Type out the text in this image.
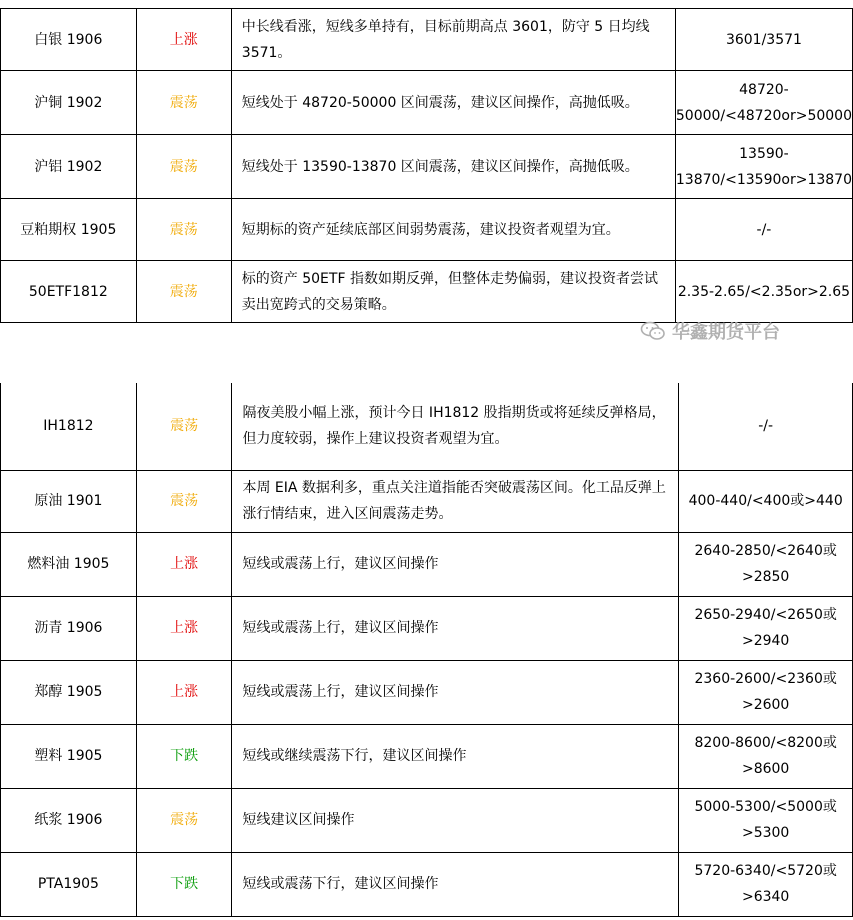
白银 1906	上涨	中长线看涨，短线多单持有，目标前期高点 3601，防守 5 日均线 3571。	3601/3571
沪铜 1902	震荡	短线处于 48720-50000 区间震荡，建议区间操作，高抛低吸。	48720-50000/<48720or>50000
沪铝 1902	震荡	短线处于 13590-13870 区间震荡，建议区间操作，高抛低吸。	13590-13870/<13590or>13870
豆粕期权 1905	震荡	短期标的资产延续底部区间弱势震荡，建议投资者观望为宜。	-/-
50ETF1812	震荡	标的资产 50ETF 指数如期反弹，但整体走势偏弱，建议投资者尝试卖出宽跨式的交易策略。	2.35-2.65/<2.35or>2.65
华鑫期货平台
IH1812	震荡	隔夜美股小幅上涨，预计今日 IH1812 股指期货或将延续反弹格局，但力度较弱，操作上建议投资者观望为宜。	-/-
原油 1901	震荡	本周 EIA 数据利多，重点关注道指能否突破震荡区间。化工品反弹上涨行情结束，进入区间震荡走势。	400-440/<400或>440
燃料油 1905	上涨	短线或震荡上行，建议区间操作	2640-2850/<2640或>2850
沥青 1906	上涨	短线或震荡上行，建议区间操作	2650-2940/<2650或>2940
郑醇 1905	上涨	短线或震荡上行，建议区间操作	2360-2600/<2360或>2600
塑料 1905	下跌	短线或继续震荡下行，建议区间操作	8200-8600/<8200或>8600
纸浆 1906	震荡	短线建议区间操作	5000-5300/<5000或>5300
PTA1905	下跌	短线或震荡下行，建议区间操作	5720-6340/<5720或>6340
